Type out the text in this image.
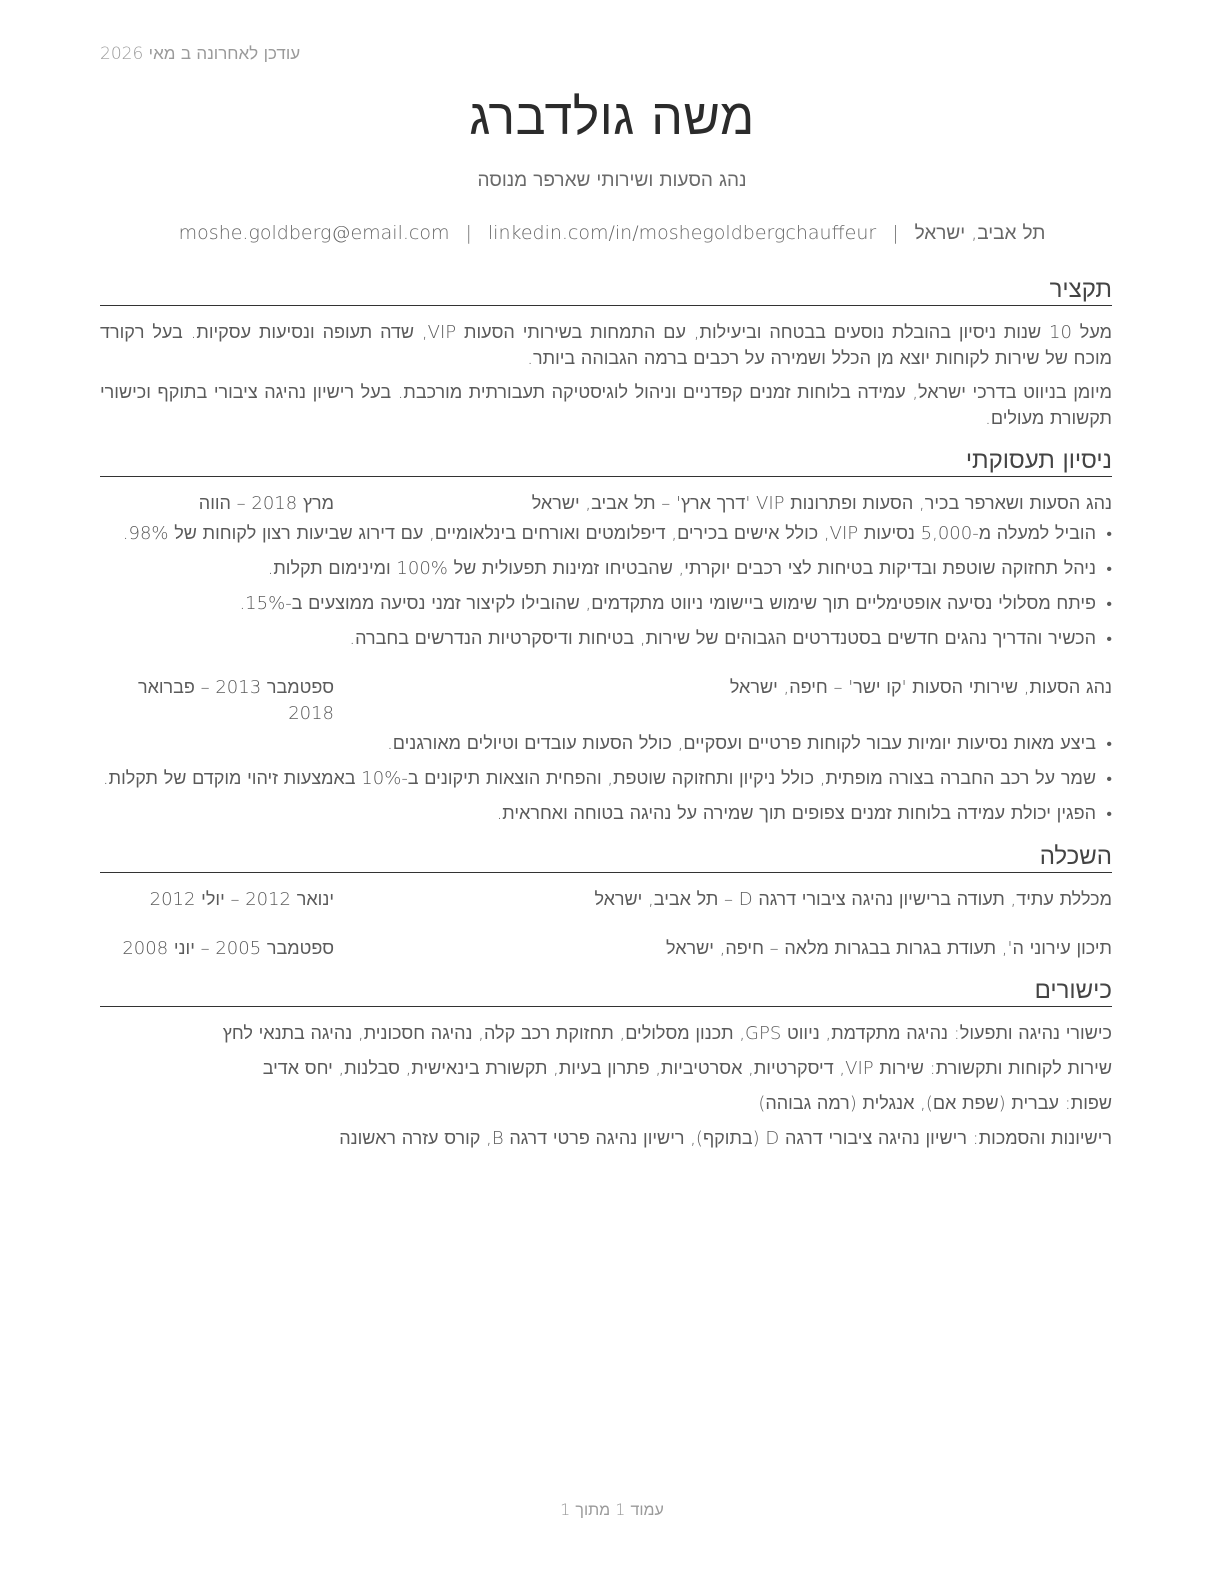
עודכן לאחרונה ב מאי 2026
משה גולדברג
נהג הסעות ושירותי שארפר מנוסה
תל אביב, ישראל|moshe.goldberg@email.com | linkedin.com/in/moshegoldbergchauffeur
תקציר

מעל 10 שנות ניסיון בהובלת נוסעים בבטחה וביעילות, עם התמחות בשירותי הסעות VIP, שדה תעופה ונסיעות עסקיות. בעל רקורד מוכח של שירות לקוחות יוצא מן הכלל ושמירה על רכבים ברמה הגבוהה ביותר.

מיומן בניווט בדרכי ישראל, עמידה בלוחות זמנים קפדניים וניהול לוגיסטיקה תעבורתית מורכבת. בעל רישיון נהיגה ציבורי בתוקף וכישורי תקשורת מעולים.

ניסיון תעסוקתי
נהג הסעות ושארפר בכיר, הסעות ופתרונות VIP 'דרך ארץ' – תל אביב, ישראל
מרץ 2018 – הווה
•
הוביל למעלה מ-5,000 נסיעות VIP, כולל אישים בכירים, דיפלומטים ואורחים בינלאומיים, עם דירוג שביעות רצון לקוחות של 98%.
•
ניהל תחזוקה שוטפת ובדיקות בטיחות לצי רכבים יוקרתי, שהבטיחו זמינות תפעולית של 100% ומינימום תקלות.
•
פיתח מסלולי נסיעה אופטימליים תוך שימוש ביישומי ניווט מתקדמים, שהובילו לקיצור זמני נסיעה ממוצעים ב-15%.
•
הכשיר והדריך נהגים חדשים בסטנדרטים הגבוהים של שירות, בטיחות ודיסקרטיות הנדרשים בחברה.
נהג הסעות, שירותי הסעות 'קו ישר' – חיפה, ישראל
ספטמבר 2013 – פברואר 2018
•
ביצע מאות נסיעות יומיות עבור לקוחות פרטיים ועסקיים, כולל הסעות עובדים וטיולים מאורגנים.
•
שמר על רכב החברה בצורה מופתית, כולל ניקיון ותחזוקה שוטפת, והפחית הוצאות תיקונים ב-10% באמצעות זיהוי מוקדם של תקלות.
•
הפגין יכולת עמידה בלוחות זמנים צפופים תוך שמירה על נהיגה בטוחה ואחראית.
השכלה
מכללת עתיד, תעודה ברישיון נהיגה ציבורי דרגה D – תל אביב, ישראל
ינואר 2012 – יולי 2012
תיכון עירוני ה', תעודת בגרות בבגרות מלאה – חיפה, ישראל
ספטמבר 2005 – יוני 2008
כישורים

כישורי נהיגה ותפעול: נהיגה מתקדמת, ניווט GPS, תכנון מסלולים, תחזוקת רכב קלה, נהיגה חסכונית, נהיגה בתנאי לחץ

שירות לקוחות ותקשורת: שירות VIP, דיסקרטיות, אסרטיביות, פתרון בעיות, תקשורת בינאישית, סבלנות, יחס אדיב

שפות: עברית (שפת אם), אנגלית (רמה גבוהה)

רישיונות והסמכות: רישיון נהיגה ציבורי דרגה D (בתוקף), רישיון נהיגה פרטי דרגה B, קורס עזרה ראשונה

עמוד 1 מתוך 1
